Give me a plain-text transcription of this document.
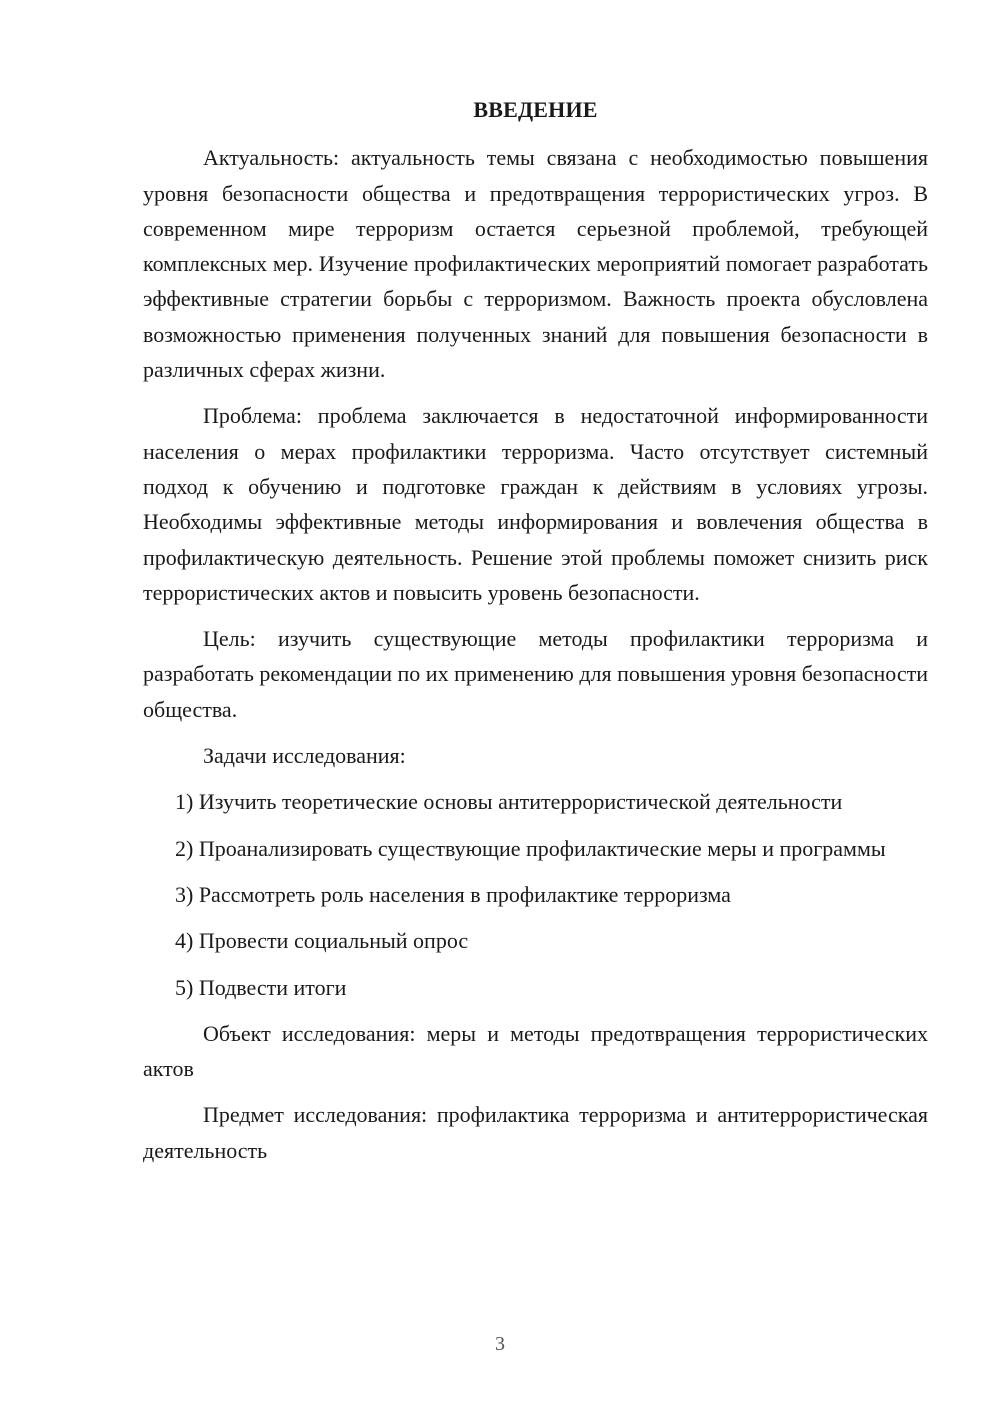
ВВЕДЕНИЕ

Актуальность: актуальность темы связана с необходимостью повышения уровня безопасности общества и предотвращения террористических угроз. В современном мире терроризм остается серьезной проблемой, требующей комплексных мер. Изучение профилактических мероприятий помогает разработать эффективные стратегии борьбы с терроризмом. Важность проекта обусловлена возможностью применения полученных знаний для повышения безопасности в различных сферах жизни.

Проблема: проблема заключается в недостаточной информированности населения о мерах профилактики терроризма. Часто отсутствует системный подход к обучению и подготовке граждан к действиям в условиях угрозы. Необходимы эффективные методы информирования и вовлечения общества в профилактическую деятельность. Решение этой проблемы поможет снизить риск террористических актов и повысить уровень безопасности.

Цель: изучить существующие методы профилактики терроризма и разработать рекомендации по их применению для повышения уровня безопасности общества.

Задачи исследования:

1) Изучить теоретические основы антитеррористической деятельности

2) Проанализировать существующие профилактические меры и программы

3) Рассмотреть роль населения в профилактике терроризма

4) Провести социальный опрос

5) Подвести итоги

Объект исследования: меры и методы предотвращения террористических актов

Предмет исследования: профилактика терроризма и антитеррористическая деятельность

3
